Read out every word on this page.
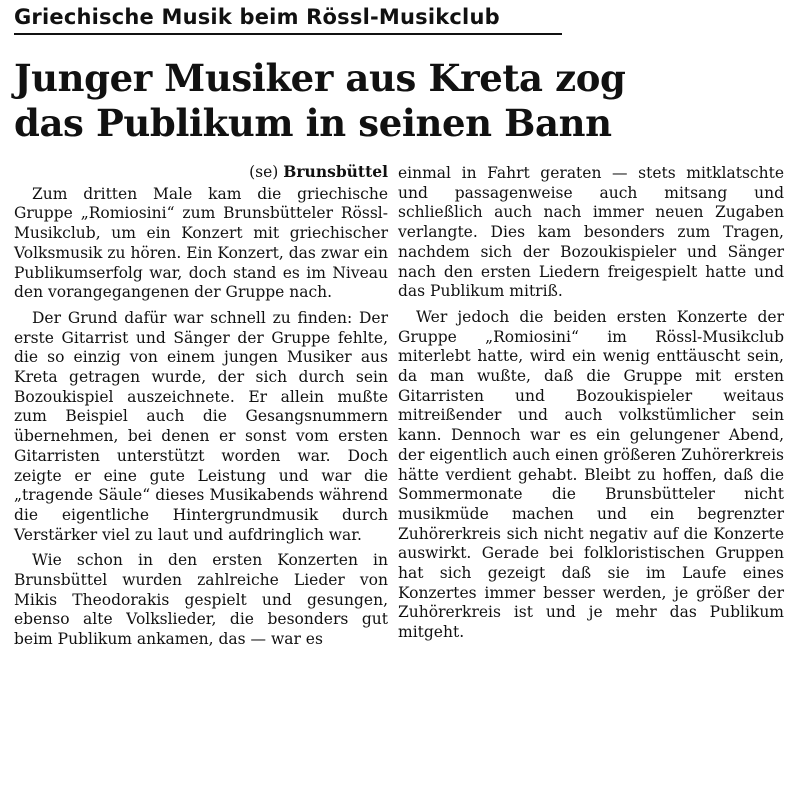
Griechische Musik beim Rössl-Musikclub
Junger Musiker aus Kreta zog
das Publikum in seinen Bann
(se) Brunsbüttel

Zum dritten Male kam die griechische Gruppe „Romiosini“ zum Brunsbütteler Rössl-Musikclub, um ein Konzert mit griechischer Volksmusik zu hören. Ein Konzert, das zwar ein Publikumserfolg war, doch stand es im Niveau den vorangegangenen der Gruppe nach.

Der Grund dafür war schnell zu finden: Der erste Gitarrist und Sänger der Gruppe fehlte, die so einzig von einem jungen Musiker aus Kreta getragen wurde, der sich durch sein Bozoukispiel auszeichnete. Er allein mußte zum Beispiel auch die Gesangsnummern übernehmen, bei denen er sonst vom ersten Gitarristen unterstützt worden war. Doch zeigte er eine gute Leistung und war die „tragende Säule“ dieses Musikabends während die eigentliche Hintergrundmusik durch Verstärker viel zu laut und aufdringlich war.

Wie schon in den ersten Konzerten in Brunsbüttel wurden zahlreiche Lieder von Mikis Theodorakis gespielt und gesungen, ebenso alte Volkslieder, die besonders gut beim Publikum ankamen, das — war es

einmal in Fahrt geraten — stets mitklatschte und passagenweise auch mitsang und schließlich auch nach immer neuen Zugaben verlangte. Dies kam besonders zum Tragen, nachdem sich der Bozoukispieler und Sänger nach den ersten Liedern freigespielt hatte und das Publikum mitriß.

Wer jedoch die beiden ersten Konzerte der Gruppe „Romiosini“ im Rössl-Musikclub miterlebt hatte, wird ein wenig enttäuscht sein, da man wußte, daß die Gruppe mit ersten Gitarristen und Bozoukispieler weitaus mitreißender und auch volkstümlicher sein kann. Dennoch war es ein gelungener Abend, der eigentlich auch einen größeren Zuhörerkreis hätte verdient gehabt. Bleibt zu hoffen, daß die Sommermonate die Brunsbütteler nicht musikmüde machen und ein begrenzter Zuhörerkreis sich nicht negativ auf die Konzerte auswirkt. Gerade bei folkloristischen Gruppen hat sich gezeigt daß sie im Laufe eines Konzertes immer besser werden, je größer der Zuhörerkreis ist und je mehr das Publikum mitgeht.
